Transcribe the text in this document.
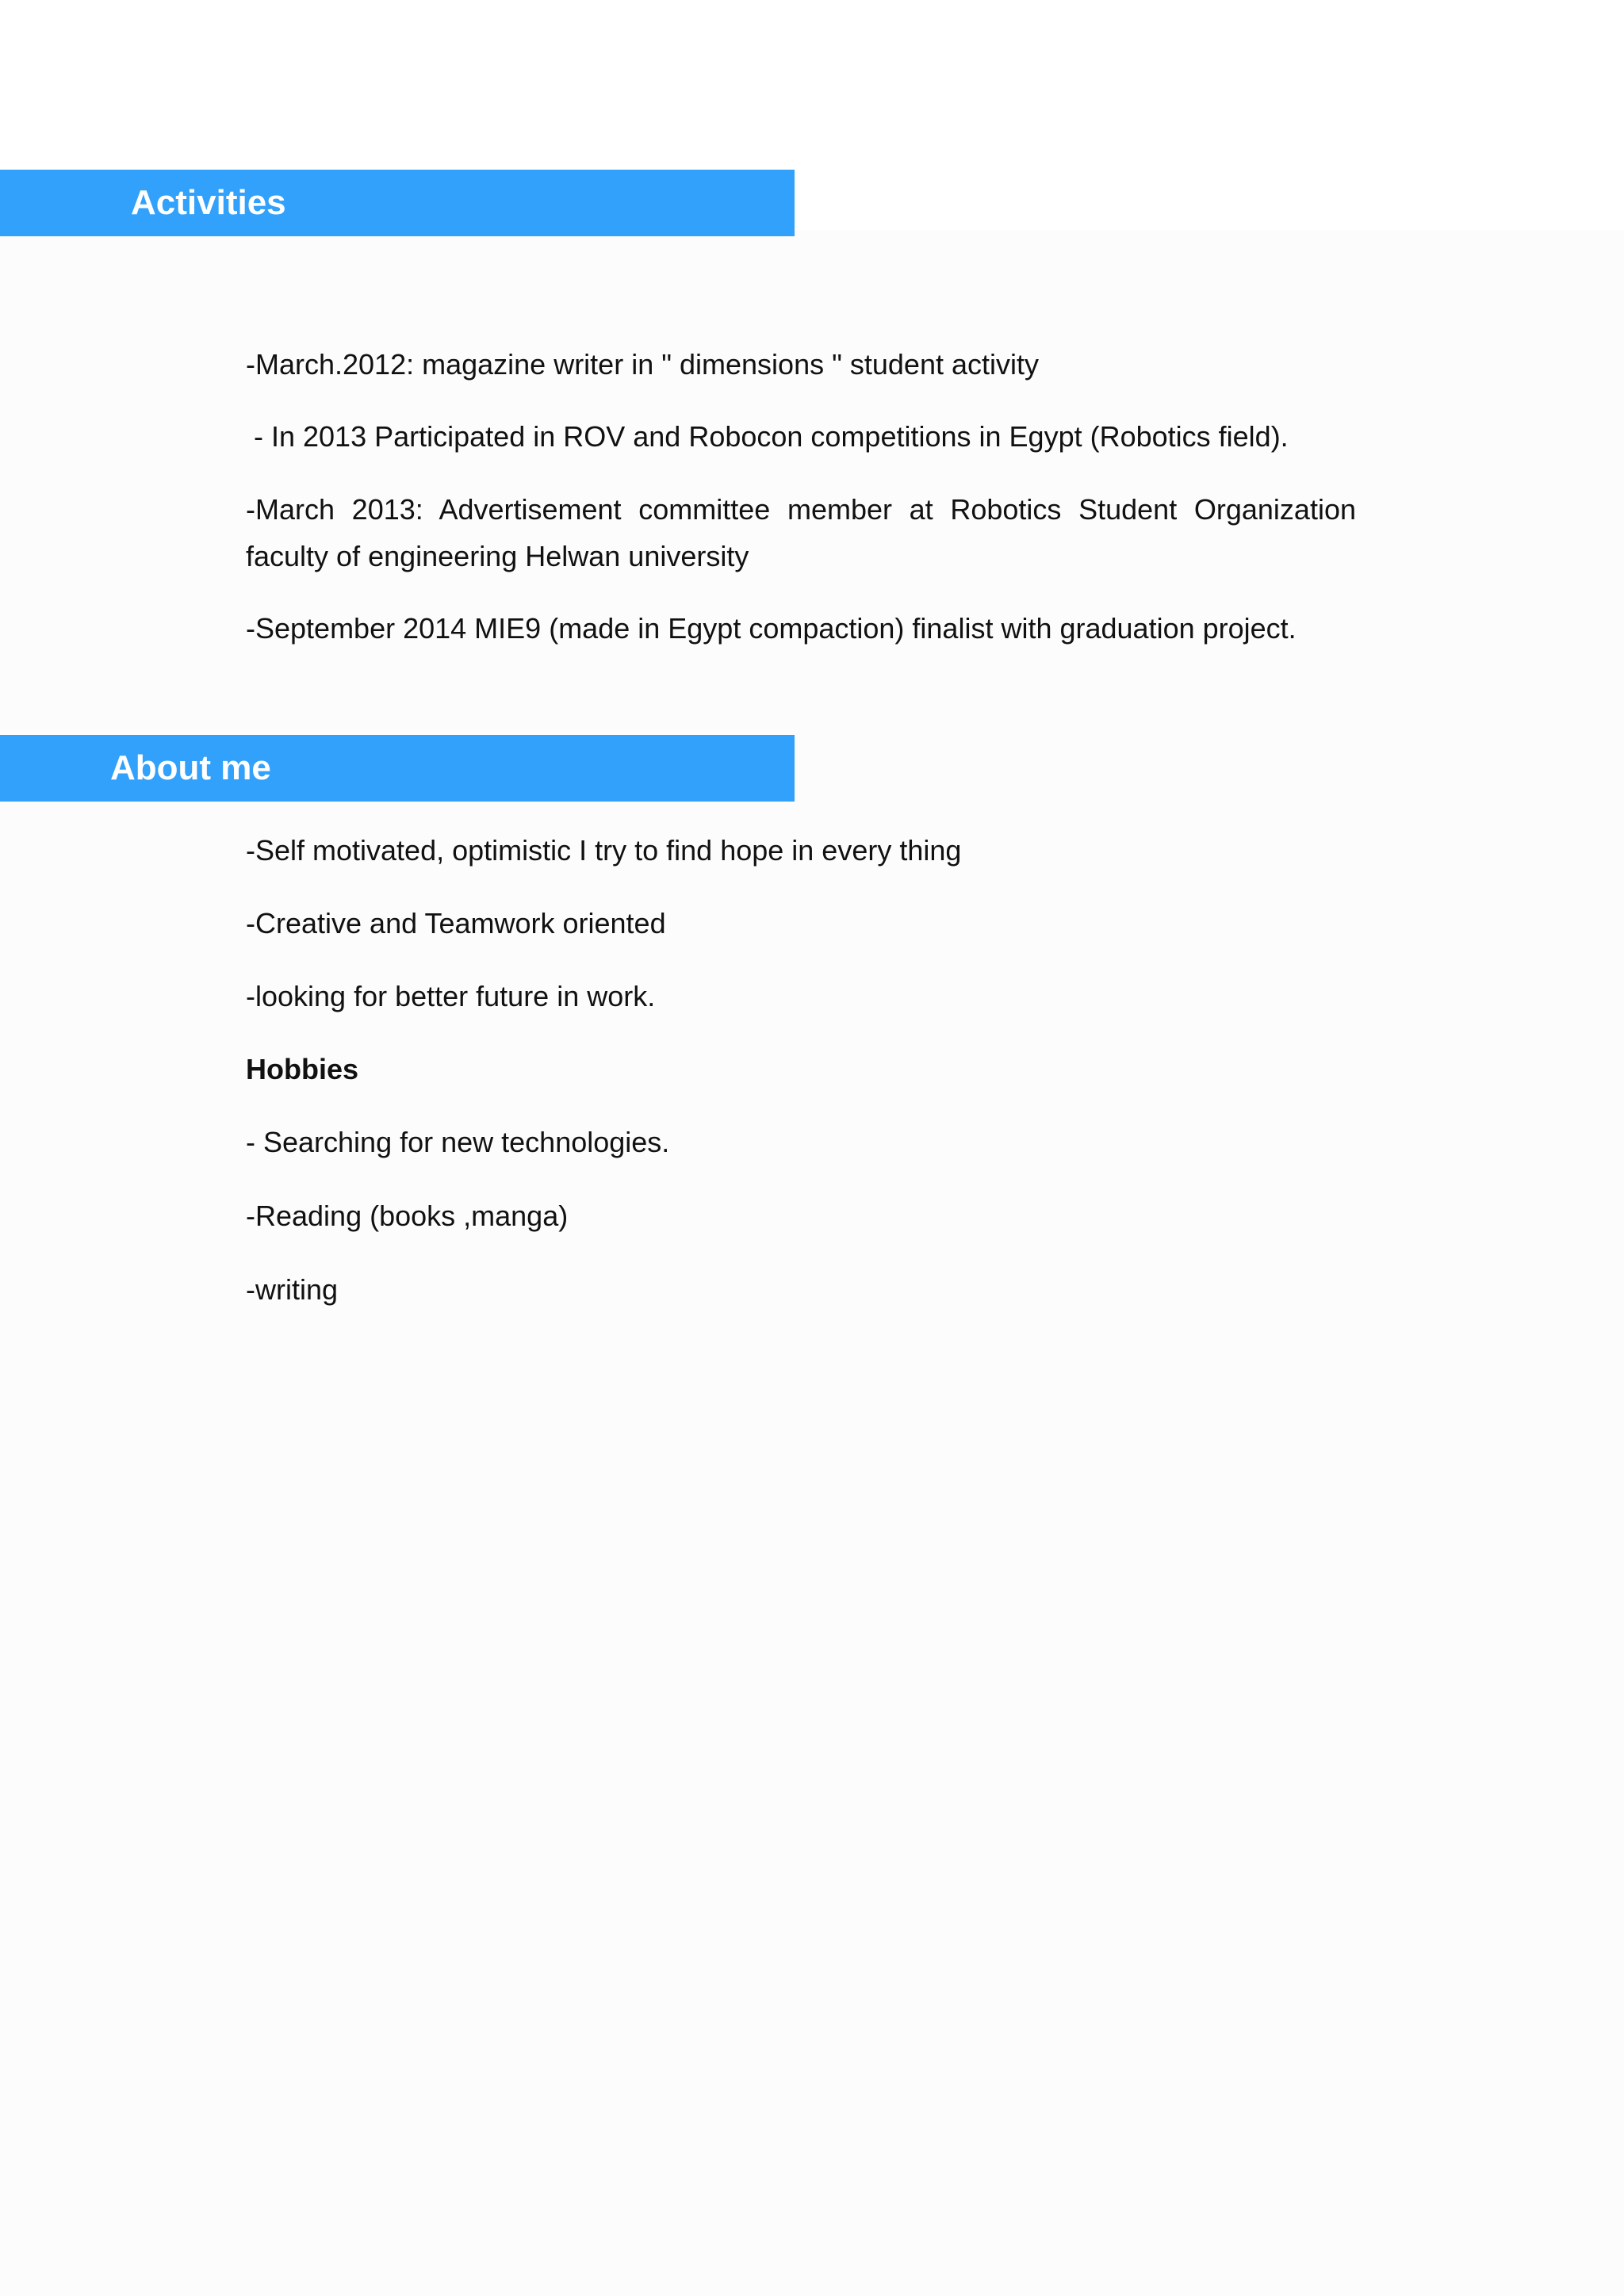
Activities
-March.2012: magazine writer in " dimensions " student activity
- In 2013 Participated in ROV and Robocon competitions in Egypt (Robotics field).
-March 2013: Advertisement committee member at Robotics Student Organization
faculty of engineering Helwan university
-September 2014 MIE9 (made in Egypt compaction) finalist with graduation project.
About me
-Self motivated, optimistic I try to find hope in every thing
-Creative and Teamwork oriented
-looking for better future in work.
Hobbies
- Searching for new technologies.
-Reading (books ,manga)
-writing
